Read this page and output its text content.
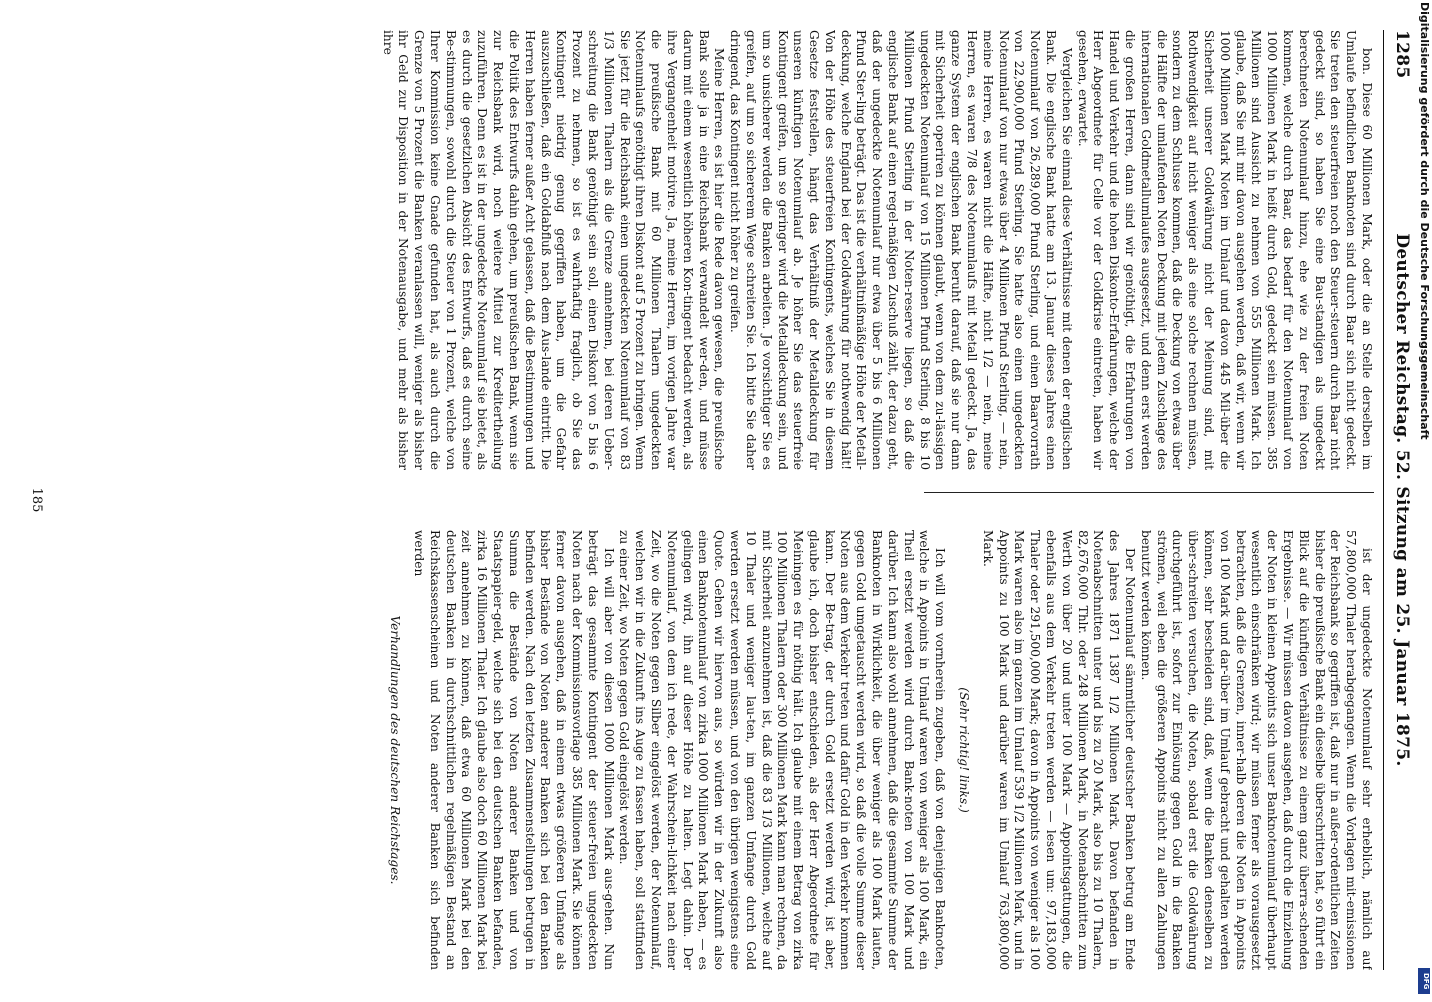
1285
Deutscher Reichstag. 52. Sitzung am 25. Januar 1875.

bon. Diese 60 Millionen Mark, oder die an Stelle derselben im Umlaufe befindlichen Banknoten sind durch Baar sich nicht gedeckt. Sie treten den steuerfreien noch den Steuer-steuern durch Baar nicht gedeckt sind, so haben Sie eine Bau-standigen als ungedeckt berechneten Notenumlauf hinzu, ehe wie zu der freien Noten kommen, welche durch Baar, das bedarf für den Notenumlauf von 1000 Millionen Mark in heißt durch Gold, gedeckt sein müssen. 385 Millionen sind Aussicht zu nehmen von 555 Millionen Mark. Ich glaube, daß Sie mit mir davon ausgehen werden, daß wir, wenn wir 1000 Millionen Mark Noten im Umlauf und davon 445 Mil-über die Sicherheit unserer Goldwährung nicht der Meinung sind, mit Rothwendigkeit auf nicht weniger als eine solche rechnen müssen, sondern zu dem Schlusse kommen, daß die Deckung von etwas über die Hälfte der umlaufenden Noten Deckung mit jedem Zuschlage des internationalen Goldmetallumlaufes ausgesetzt, und denn erst werden die großen Herren, dann sind wir genöthigt, die Erfahrungen von Handel und Verkehr und die hohen Diskonto-Erfahrungen, welche der Herr Abgeordnete für Celle vor der Goldkrise eintreten, haben wir gesehen, erwartet.

Vergleichen Sie einmal diese Verhältnisse mit denen der englischen Bank. Die englische Bank hatte am 13. Januar dieses Jahres einen Notenumlauf von 26,289,000 Pfund Sterling, und einen Baarvorrath von 22,900,000 Pfund Sterling. Sie hatte also einen ungedeckten Notenumlauf von nur etwas über 4 Millionen Pfund Sterling, — nein, meine Herren, es waren nicht die Hälfte, nicht 1/2 — nein, meine Herren, es waren 7/8 des Notenumlaufs mit Metall gedeckt. Ja, das ganze System der englischen Bank beruht darauf, daß sie nur dann mit Sicherheit operiren zu können glaubt, wenn von dem zu-lässigen ungedeckten Notenumlauf von 15 Millionen Pfund Sterling, 8 bis 10 Millionen Pfund Sterling in der Noten-reserve liegen, so daß die englische Bank auf einen regel-mäßigen Zuschuß zählt, der dazu geht, daß der ungedeckte Notenumlauf nur etwa über 5 bis 6 Millionen Pfund Ster-ling beträgt. Das ist die verhältnißmäßige Höhe der Metall-deckung, welche England bei der Goldwährung für nothwendig hält! Von der Höhe des steuerfreien Kontingents, welches Sie in diesem Gesetze feststellen, hängt das Verhältniß der Metalldeckung für unseren künftigen Notenumlauf ab. Je höher Sie das steuerfreie Kontingent greifen, um so geringer wird die Metalldeckung sein, und um so unsicherer werden die Banken arbeiten. Je vorsichtiger Sie es greifen, auf um so sichererem Wege schreiten Sie. Ich bitte Sie daher dringend, das Kontingent nicht höher zu greifen.

Meine Herren, es ist hier die Rede davon gewesen, die preußische Bank solle ja in eine Reichsbank verwandelt wer-den, und müsse darum mit einem wesentlich höheren Kon-tingent bedacht werden, als ihre Vergangenheit motivire. Ja, meine Herren, im vorigen Jahre war die preußische Bank mit 60 Millionen Thalern ungedeckten Notenumlaufs genöthigt ihren Diskont auf 5 Prozent zu bringen. Wenn Sie jetzt für die Reichsbank einen ungedeckten Notenumlauf von 83 1/3 Millionen Thalern als die Grenze annehmen, bei deren Ueber-schreitung die Bank genöthigt sein soll, einen Diskont von 5 bis 6 Prozent zu nehmen, so ist es wahrhaftig fraglich, ob Sie das Kontingent niedrig genug gegriffen haben, um die Gefahr auszuschließen, daß ein Goldabfluß nach dem Aus-lande eintritt. Die Herren haben ferner außer Acht gelassen, daß die Bestimmungen und die Politik des Entwurfs dahin gehen, um preußischen Bank, wenn sie zur Reichsbank wird, noch weitere Mittel zur Kreditertheilung zuzuführen. Denn es ist in der ungedeckte Notenumlauf sie bietet, als es durch die gesetzlichen Absicht des Entwurfs, daß es durch seine Be-stimmungen, sowohl durch die Steuer von 1 Prozent, welche von Ihrer Kommission keine Gnade gefunden hat, als auch durch die Grenze von 5 Prozent die Banken veranlassen will, weniger als bisher ihr Geld zur Disposition in der Notenausgabe, und mehr als bisher ihre

ist der ungedeckte Notenumlauf sehr erheblich, nämlich auf 57,800,000 Thaler herabgegangen. Wenn die Vorlagen mit-emissionen der Reichsbank so gegriffen ist, daß nur in außer-ordentlichen Zeiten bisher die preußische Bank ein dieselbe überschritten hat, so führt ein Blick auf die künftigen Verhältnisse zu einem ganz überra-schenden Ergebnisse. — Wir müssen davon ausgehen, daß durch die Einziehung der Noten in kleinen Appoints sich unser Banknotenumlauf überhaupt wesentlich einschränken wird; wir müssen ferner als vorausgesetzt betrachten, daß die Grenzen, inner-halb deren die Noten in Appoints von 100 Mark und dar-über im Umlauf gebracht und gehalten werden können, sehr bescheiden sind, daß, wenn die Banken denselben zu über-schreiten versuchen, die Noten, sobald erst die Goldwährung durchgeführt ist, sofort zur Einlösung gegen Gold in die Banken strömen, weil eben die größeren Appoints nicht zu allen Zahlungen benutzt werden können.

Der Notenumlauf sämmtlicher deutscher Banken betrug am Ende des Jahres 1871 1387 1/2 Millionen Mark. Davon befanden in Notenabschnitten unter und bis zu 20 Mark, also bis zu 10 Thalern, 82,676,000 Thlr. oder 248 Millionen Mark, in Notenabschnitten zum Werth von über 20 und unter 100 Mark — Appointsgattungen, die ebenfalls aus dem Verkehr treten werden — lesen um: 97,183,000 Thaler oder 291,500,000 Mark; davon in Appoints von weniger als 100 Mark waren also im ganzen im Umlauf 539 1/2 Millionen Mark, und in Appoints zu 100 Mark und darüber waren im Umlauf 763,800,000 Mark.

(Sehr richtig! links.)

Ich will vom vornherein zugeben, daß von denjenigen Banknoten, welche in Appoints in Umlauf waren von weniger als 100 Mark, ein Theil ersetzt werden wird durch Bank-noten von 100 Mark und darüber. Ich kann also wohl annehmen, daß die gesammte Summe der Banknoten in Wirklichkeit, die über weniger als 100 Mark lauten, gegen Gold umgetauscht werden wird, so daß die volle Summe dieser Noten aus dem Verkehr treten und dafür Gold in den Verkehr kommen kann. Der Be-trag, der durch Gold ersetzt werden wird, ist aber, glaube ich, doch bisher entschieden, als der Herr Abgeordnete für Meiningen es für nöthig hält. Ich glaube mit einem Betrag von zirka 100 Millionen Thalern oder 300 Millionen Mark kann man rechnen, da mit Sicherheit anzunehmen ist, daß die 83 1/3 Millionen, welche auf 10 Thaler und weniger lau-ten, im ganzen Umfange durch Gold werden ersetzt werden müssen, und von den übrigen wenigstens eine Quote. Gehen wir hiervon aus, so würden wir in der Zukunft also einen Banknotenumlauf von zirka 1000 Millionen Mark haben, — es gelingen wird, ihn auf dieser Höhe zu halten. Legt dahin. Der Notenumlauf, von dem ich rede, der Wahrschein-lichkeit nach einer Zeit, wo die Noten gegen Silber eingelöst werden, der Notenumlauf, welchen wir in die Zukunft ins Auge zu fassen haben, soll stattfinden zu einer Zeit, wo Noten gegen Gold eingelöst werden.

Ich will aber von diesen 1000 Millionen Mark aus-gehen. Nun beträgt das gesammte Kontingent der steuer-freien ungedeckten Noten nach der Kommissionsvorlage 385 Millionen Mark. Sie können ferner davon ausgehen, daß in einem etwas größeren Umfange als bisher Bestände von Noten anderer Banken sich bei den Banken befinden werden. Nach den letzten Zusammenstellungen betrugen in Summa die Bestände von Noten anderer Banken und von Staatspapier-geld, welche sich bei den deutschen Banken befanden, zirka 16 Millionen Thaler. Ich glaube also doch 60 Millionen Mark bei zeit annehmen zu können, daß etwa 60 Millionen Mark bei den deutschen Banken in durchschnittlichen regelmäßigen Bestand an Reichskassenscheinen und Noten anderer Banken sich befinden werden

Verhandlungen des deutschen Reichstages.

185
Digitalisierung gefördert durch die Deutsche Forschungsgemeinschaft
DFG
